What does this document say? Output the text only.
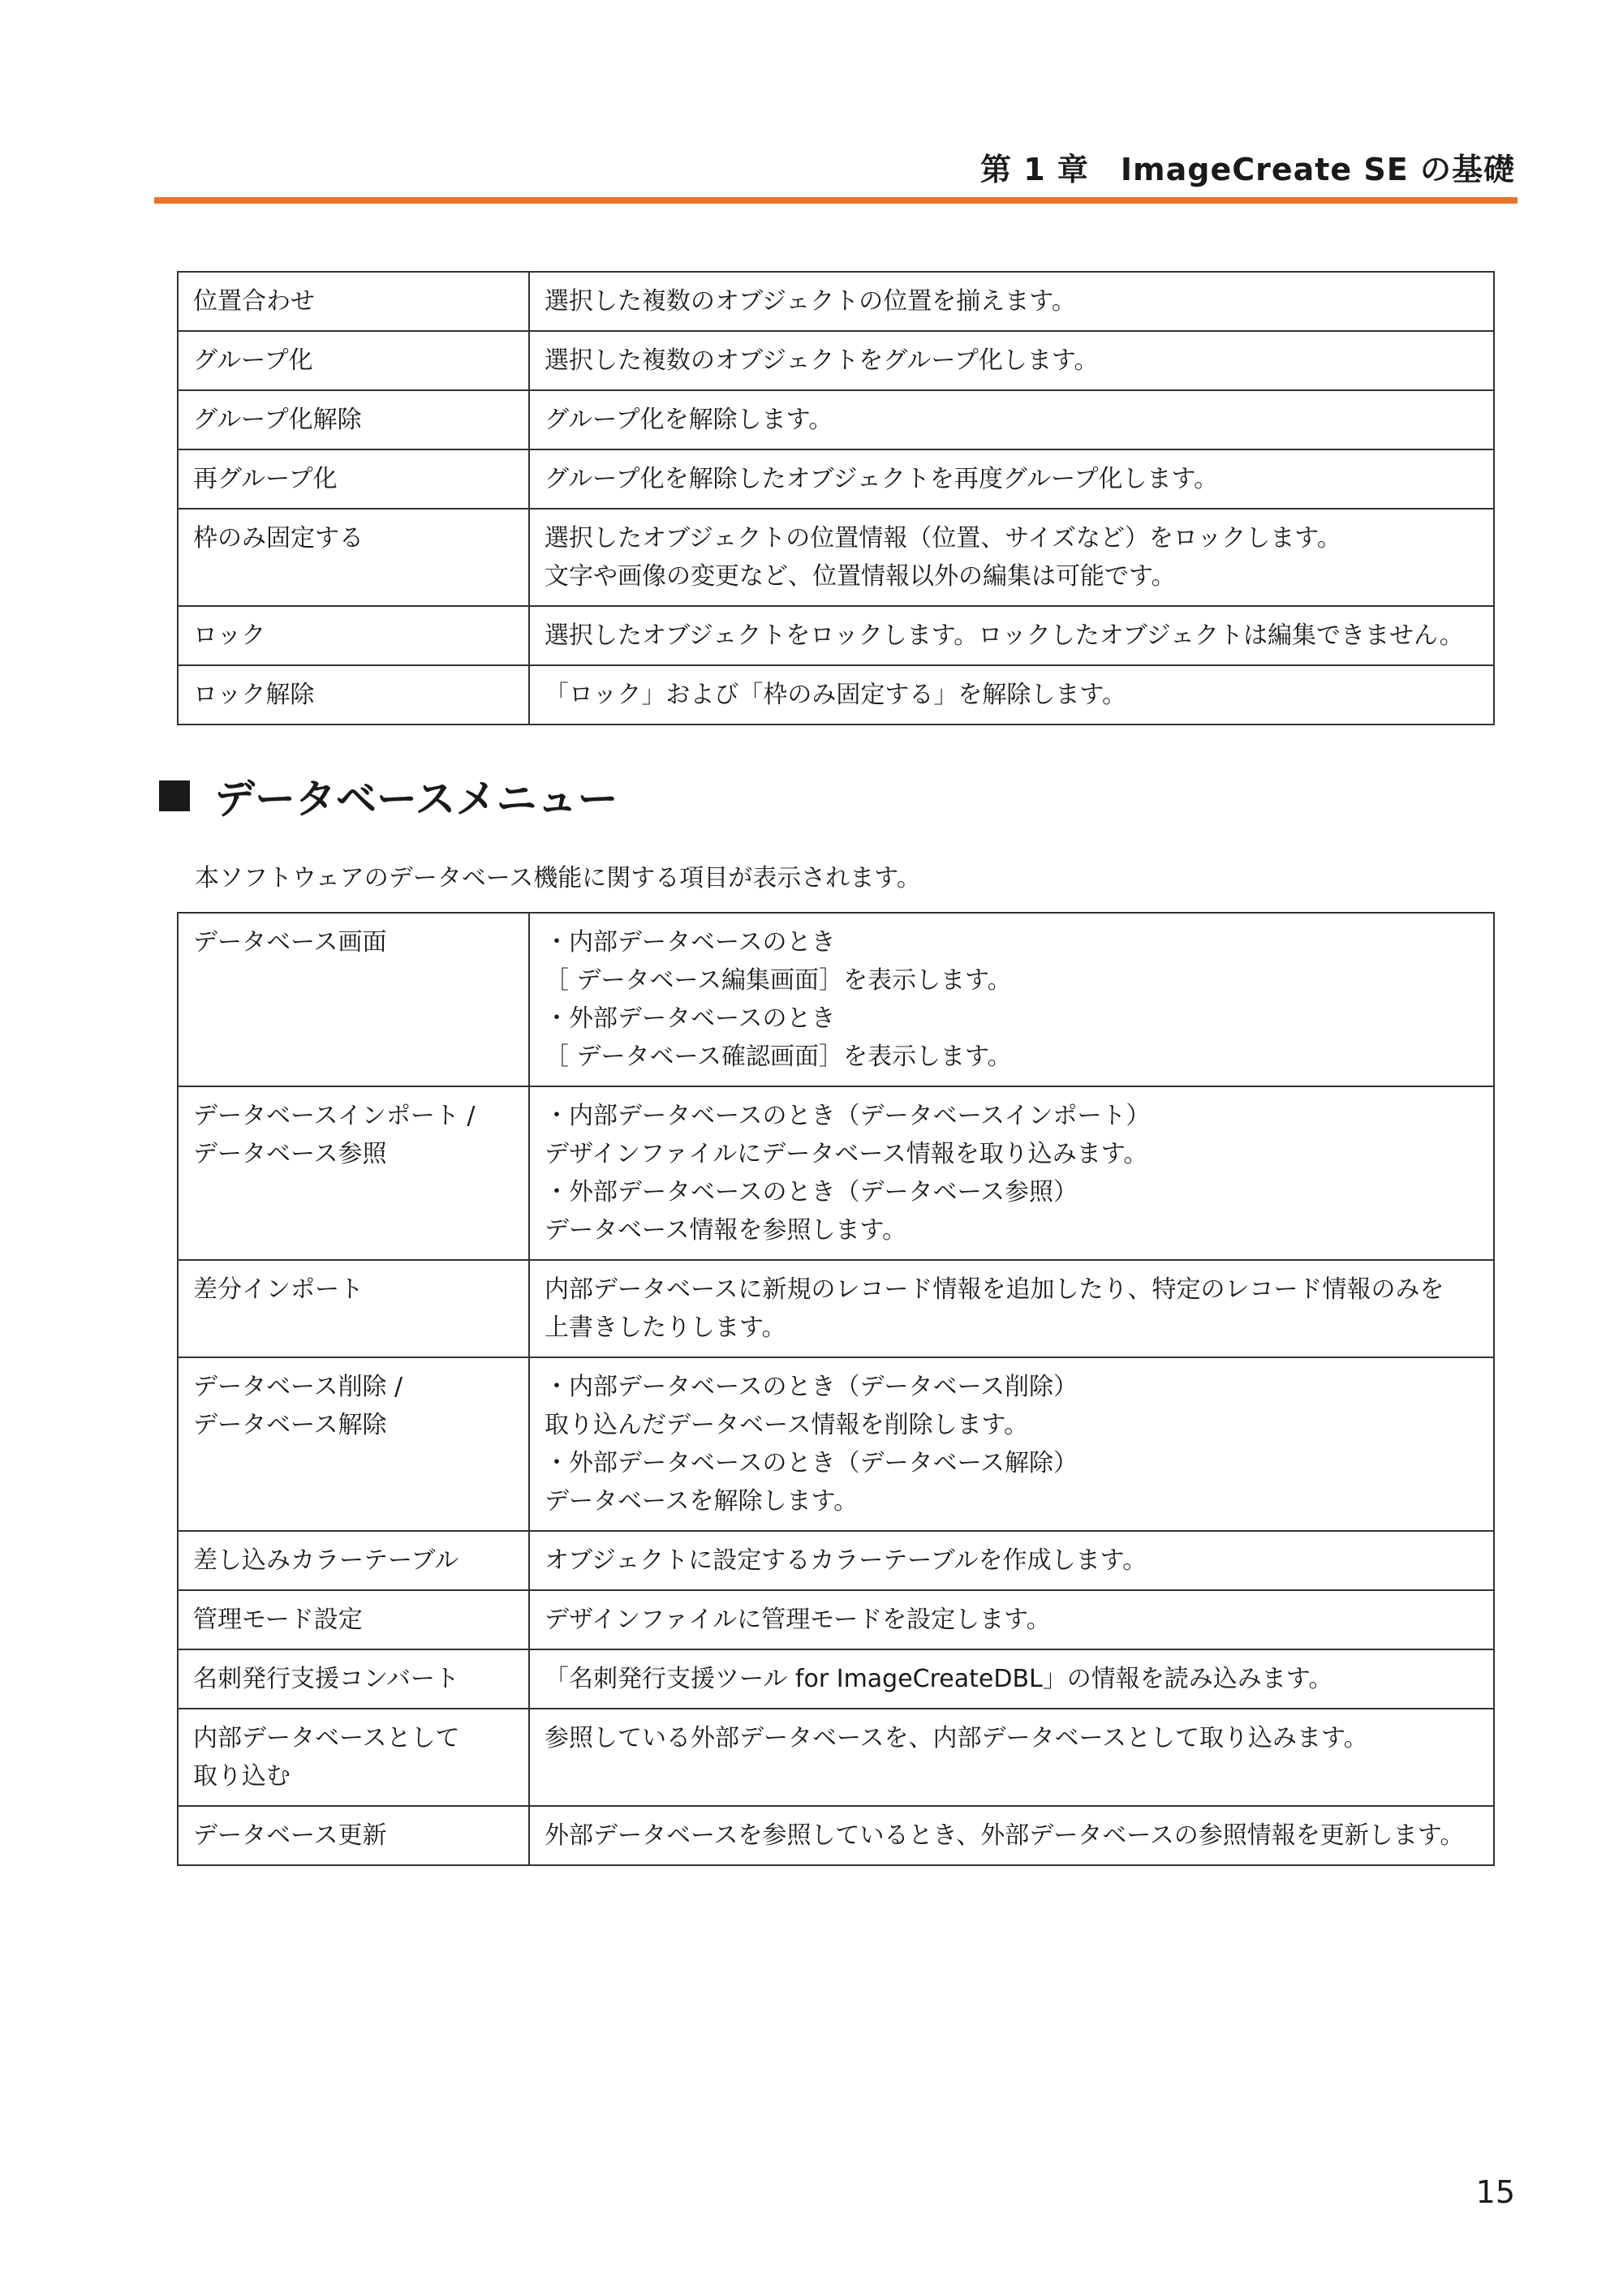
第 1 章　ImageCreate SE の基礎
位置合わせ	選択した複数のオブジェクトの位置を揃えます。

グループ化	選択した複数のオブジェクトをグループ化します。

グループ化解除	グループ化を解除します。

再グループ化	グループ化を解除したオブジェクトを再度グループ化します。

枠のみ固定する	選択したオブジェクトの位置情報（位置、サイズなど）をロックします。
文字や画像の変更など、位置情報以外の編集は可能です。

ロック	選択したオブジェクトをロックします。ロックしたオブジェクトは編集できません。

ロック解除	「ロック」および「枠のみ固定する」を解除します。
データベースメニュー
本ソフトウェアのデータベース機能に関する項目が表示されます。
データベース画面	・内部データベースのとき
［ データベース編集画面］を表示します。
・外部データベースのとき
［ データベース確認画面］を表示します。

データベースインポート /
データベース参照	・内部データベースのとき（データベースインポート）
デザインファイルにデータベース情報を取り込みます。
・外部データベースのとき（データベース参照）
データベース情報を参照します。

差分インポート	内部データベースに新規のレコード情報を追加したり、特定のレコード情報のみを
上書きしたりします。

データベース削除 /
データベース解除	・内部データベースのとき（データベース削除）
取り込んだデータベース情報を削除します。
・外部データベースのとき（データベース解除）
データベースを解除します。

差し込みカラーテーブル	オブジェクトに設定するカラーテーブルを作成します。

管理モード設定	デザインファイルに管理モードを設定します。

名刺発行支援コンバート	「名刺発行支援ツール for ImageCreateDBL」の情報を読み込みます。

内部データベースとして
取り込む	参照している外部データベースを、内部データベースとして取り込みます。

データベース更新	外部データベースを参照しているとき、外部データベースの参照情報を更新します。
15
